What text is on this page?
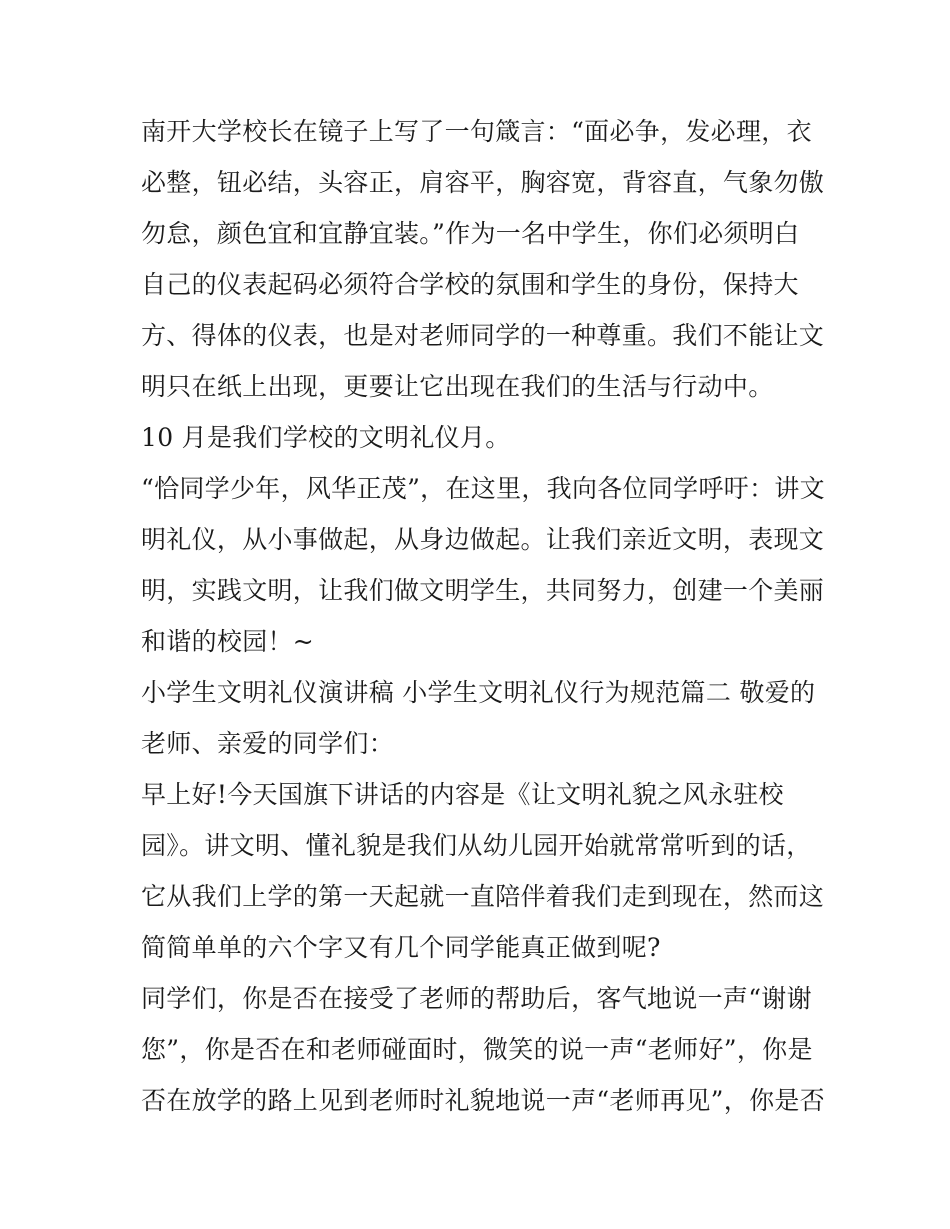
南开大学校长在镜子上写了一句箴言：“面必争，发必理，衣
必整，钮必结，头容正，肩容平，胸容宽，背容直，气象勿傲
勿怠，颜色宜和宜静宜装。”作为一名中学生，你们必须明白
自己的仪表起码必须符合学校的氛围和学生的身份，保持大
方、得体的仪表，也是对老师同学的一种尊重。我们不能让文
明只在纸上出现，更要让它出现在我们的生活与行动中。
10 月是我们学校的文明礼仪月。
“恰同学少年，风华正茂”，在这里，我向各位同学呼吁：讲文
明礼仪，从小事做起，从身边做起。让我们亲近文明，表现文
明，实践文明，让我们做文明学生，共同努力，创建一个美丽
和谐的校园！~
小学生文明礼仪演讲稿 小学生文明礼仪行为规范篇二 敬爱的
老师、亲爱的同学们：
早上好!今天国旗下讲话的内容是《让文明礼貌之风永驻校
园》。讲文明、懂礼貌是我们从幼儿园开始就常常听到的话，
它从我们上学的第一天起就一直陪伴着我们走到现在，然而这
简简单单的六个字又有几个同学能真正做到呢?
同学们，你是否在接受了老师的帮助后，客气地说一声“谢谢
您”，你是否在和老师碰面时，微笑的说一声“老师好”，你是
否在放学的路上见到老师时礼貌地说一声“老师再见”，你是否
